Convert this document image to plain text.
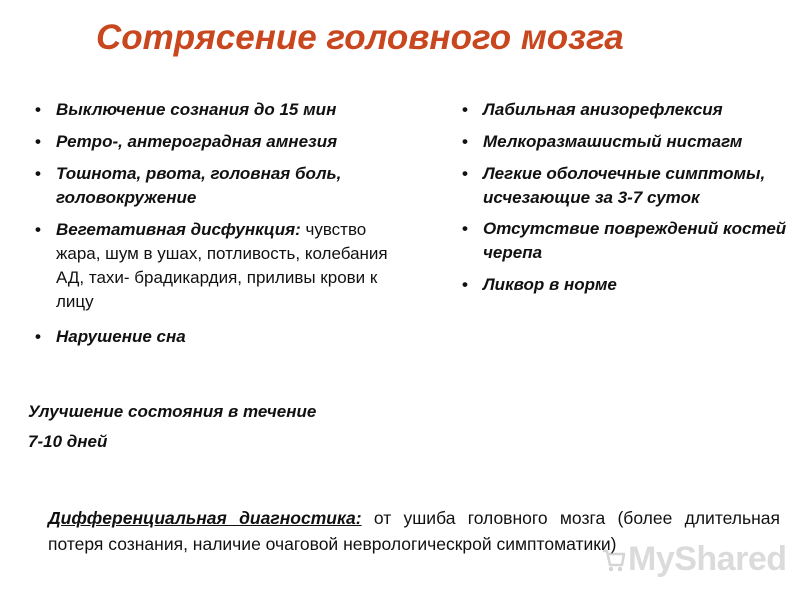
Сотрясение головного мозга
• Выключение сознания до 15 мин
• Ретро-, антероградная амнезия
• Тошнота, рвота, головная боль, головокружение
• Вегетативная дисфункция: чувство жара, шум в ушах, потливость, колебания АД, тахи- брадикардия, приливы крови к лицу
• Нарушение сна
• Лабильная анизорефлексия
• Мелкоразмашистый нистагм
• Легкие оболочечные симптомы, исчезающие за 3-7 суток
• Отсутствие повреждений костей черепа
• Ликвор в норме
Улучшение состояния в течение
7-10 дней
Дифференциальная диагностика: от ушиба головного мозга (более длительная потеря сознания, наличие очаговой неврологическрой симптоматики) MyShared
